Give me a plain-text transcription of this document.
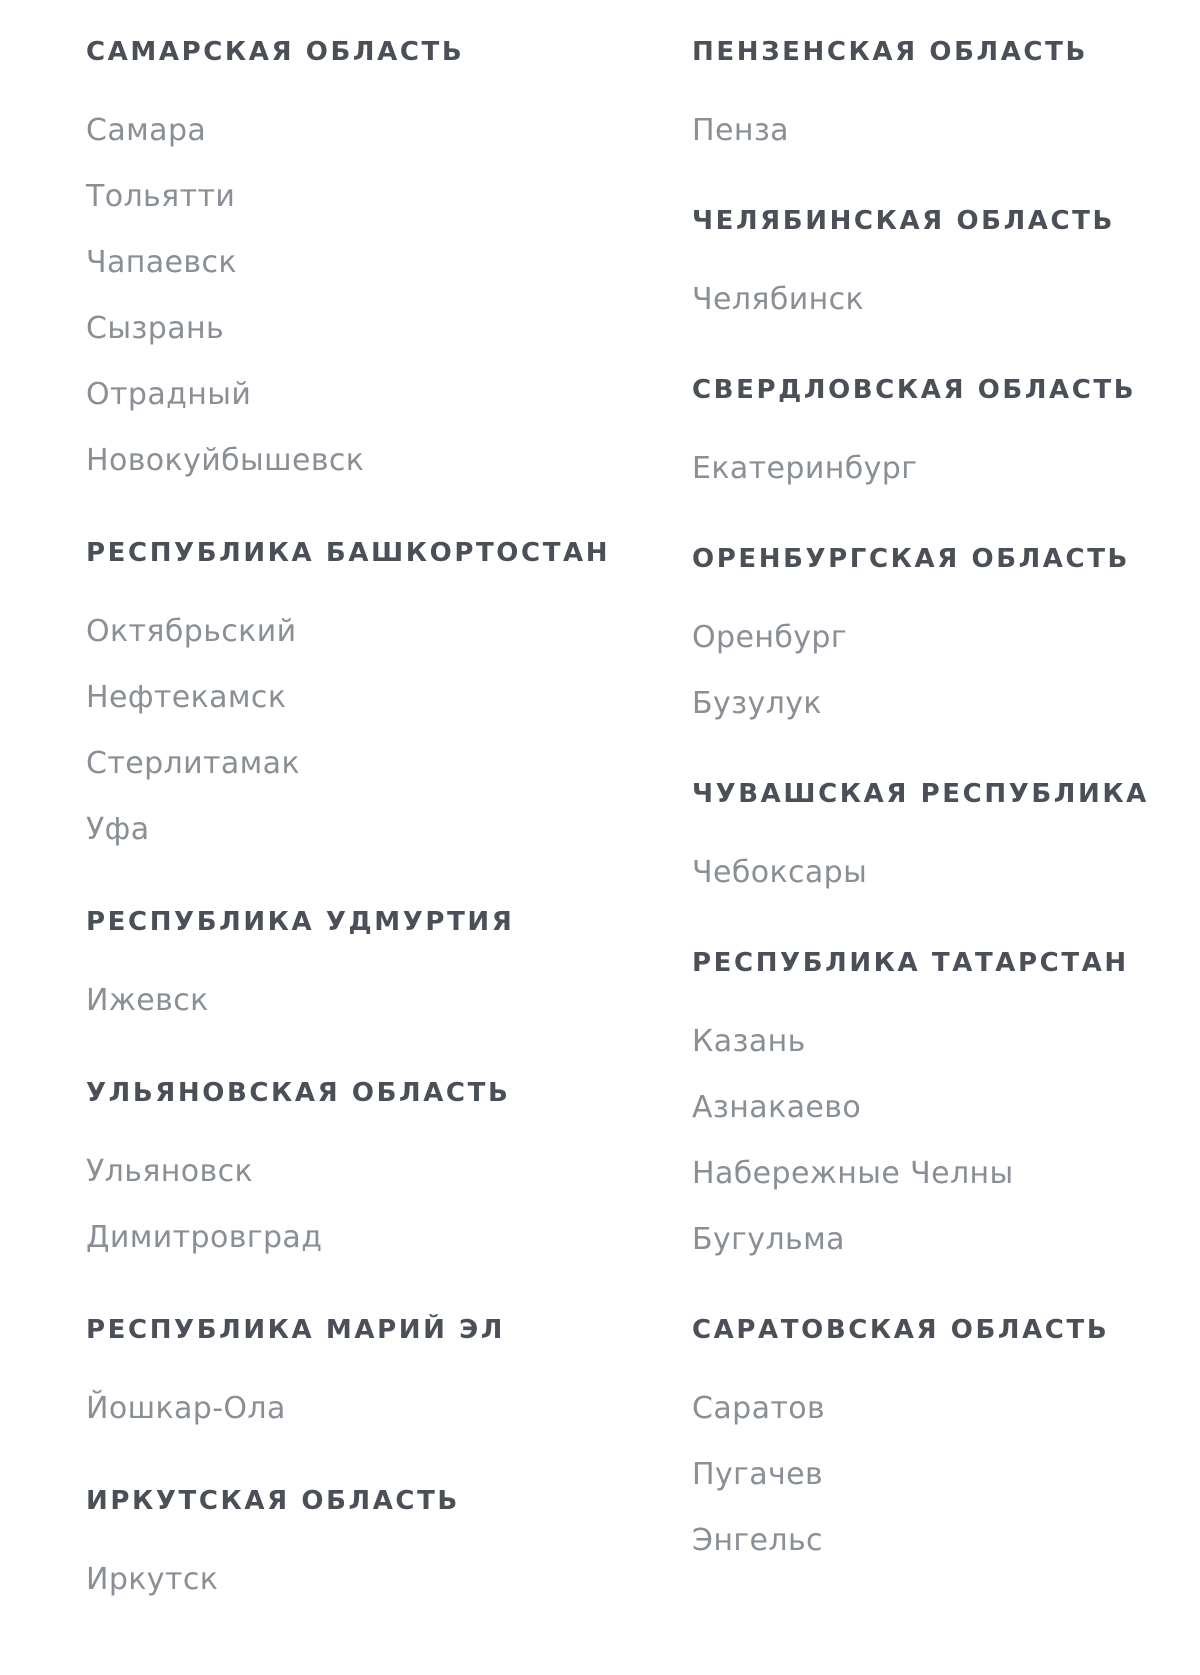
САМАРСКАЯ ОБЛАСТЬ
Самара
Тольятти
Чапаевск
Сызрань
Отрадный
Новокуйбышевск
РЕСПУБЛИКА БАШКОРТОСТАН
Октябрьский
Нефтекамск
Стерлитамак
Уфа
РЕСПУБЛИКА УДМУРТИЯ
Ижевск
УЛЬЯНОВСКАЯ ОБЛАСТЬ
Ульяновск
Димитровград
РЕСПУБЛИКА МАРИЙ ЭЛ
Йошкар-Ола
ИРКУТСКАЯ ОБЛАСТЬ
Иркутск
ПЕНЗЕНСКАЯ ОБЛАСТЬ
Пенза
ЧЕЛЯБИНСКАЯ ОБЛАСТЬ
Челябинск
СВЕРДЛОВСКАЯ ОБЛАСТЬ
Екатеринбург
ОРЕНБУРГСКАЯ ОБЛАСТЬ
Оренбург
Бузулук
ЧУВАШСКАЯ РЕСПУБЛИКА
Чебоксары
РЕСПУБЛИКА ТАТАРСТАН
Казань
Азнакаево
Набережные Челны
Бугульма
САРАТОВСКАЯ ОБЛАСТЬ
Саратов
Пугачев
Энгельс
